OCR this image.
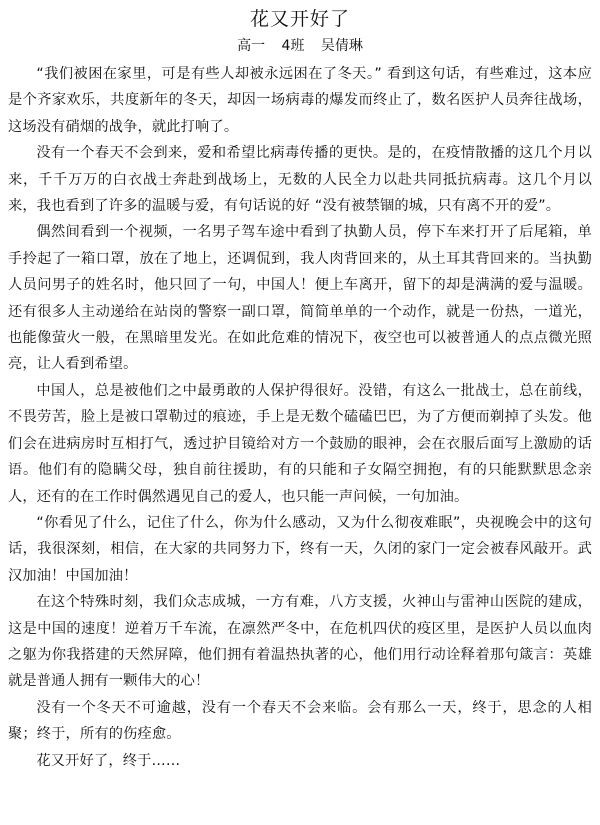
花又开好了
高一 4班 吴倩琳

“我们被困在家里，可是有些人却被永远困在了冬天。” 看到这句话，有些难过，这本应是个齐家欢乐，共度新年的冬天，却因一场病毒的爆发而终止了，数名医护人员奔往战场，这场没有硝烟的战争，就此打响了。

没有一个春天不会到来，爱和希望比病毒传播的更快。是的，在疫情散播的这几个月以来，千千万万的白衣战士奔赴到战场上，无数的人民全力以赴共同抵抗病毒。这几个月以来，我也看到了许多的温暖与爱，有句话说的好 “没有被禁锢的城，只有离不开的爱”。

偶然间看到一个视频，一名男子驾车途中看到了执勤人员，停下车来打开了后尾箱，单手拎起了一箱口罩，放在了地上，还调侃到，我人肉背回来的，从土耳其背回来的。当执勤人员问男子的姓名时，他只回了一句，中国人！便上车离开，留下的却是满满的爱与温暖。还有很多人主动递给在站岗的警察一副口罩，简简单单的一个动作，就是一份热，一道光，也能像萤火一般，在黑暗里发光。在如此危难的情况下，夜空也可以被普通人的点点微光照亮，让人看到希望。

中国人，总是被他们之中最勇敢的人保护得很好。没错，有这么一批战士，总在前线，不畏劳苦，脸上是被口罩勒过的痕迹，手上是无数个磕磕巴巴，为了方便而剃掉了头发。他们会在进病房时互相打气，透过护目镜给对方一个鼓励的眼神，会在衣服后面写上激励的话语。他们有的隐瞒父母，独自前往援助，有的只能和子女隔空拥抱，有的只能默默思念亲人，还有的在工作时偶然遇见自己的爱人，也只能一声问候，一句加油。

“你看见了什么，记住了什么，你为什么感动，又为什么彻夜难眠”，央视晚会中的这句话，我很深刻，相信，在大家的共同努力下，终有一天，久闭的家门一定会被春风敲开。武汉加油！中国加油！

在这个特殊时刻，我们众志成城，一方有难，八方支援，火神山与雷神山医院的建成，这是中国的速度！逆着万千车流，在凛然严冬中，在危机四伏的疫区里，是医护人员以血肉之躯为你我搭建的天然屏障，他们拥有着温热执著的心，他们用行动诠释着那句箴言：英雄就是普通人拥有一颗伟大的心！

没有一个冬天不可逾越，没有一个春天不会来临。会有那么一天，终于，思念的人相聚；终于，所有的伤痊愈。

花又开好了，终于……
